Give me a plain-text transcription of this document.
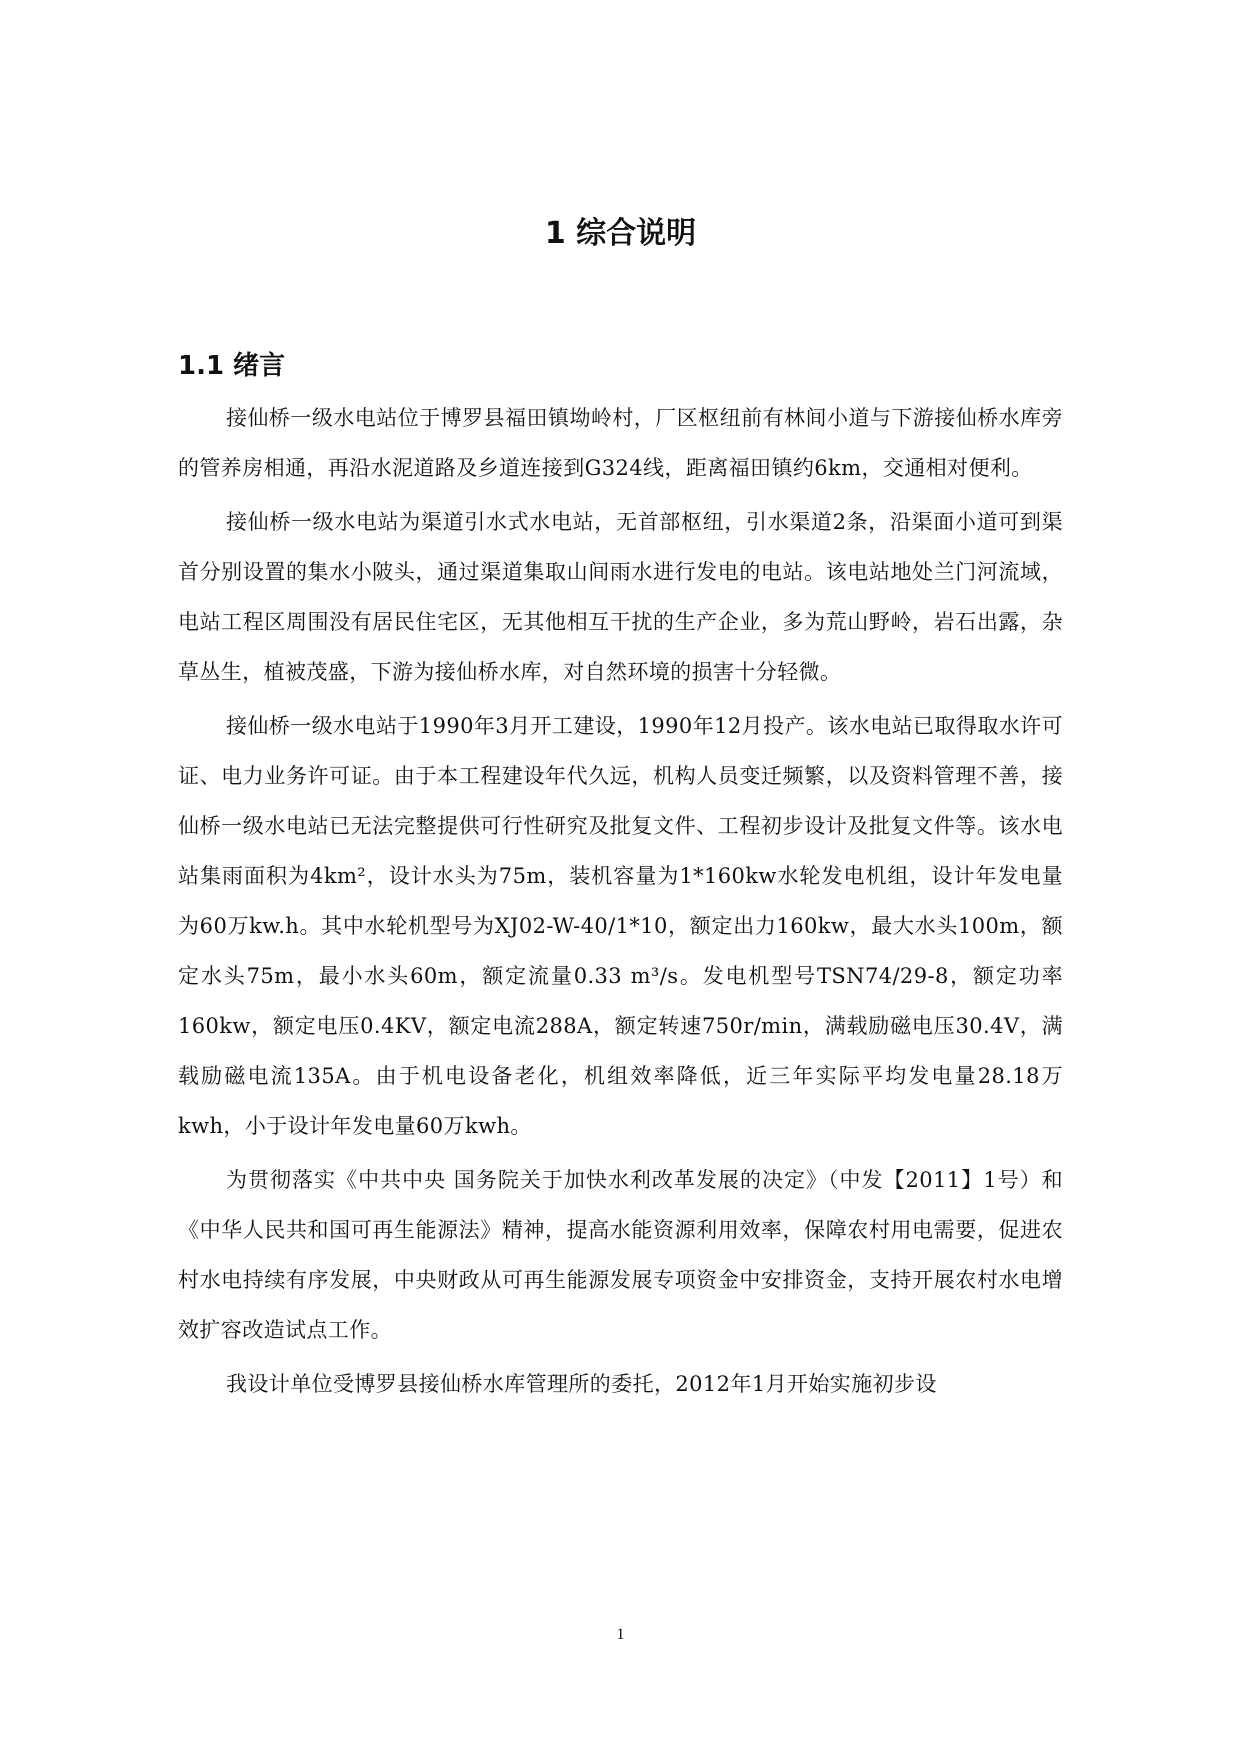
1 综合说明
1.1 绪言

接仙桥一级水电站位于博罗县福田镇坳岭村，厂区枢纽前有林间小道与下游接仙桥水库旁的管养房相通，再沿水泥道路及乡道连接到G324线，距离福田镇约6km，交通相对便利。

接仙桥一级水电站为渠道引水式水电站，无首部枢纽，引水渠道2条，沿渠面小道可到渠首分别设置的集水小陂头，通过渠道集取山间雨水进行发电的电站。该电站地处兰门河流域，电站工程区周围没有居民住宅区，无其他相互干扰的生产企业，多为荒山野岭，岩石出露，杂草丛生，植被茂盛，下游为接仙桥水库，对自然环境的损害十分轻微。

接仙桥一级水电站于1990年3月开工建设，1990年12月投产。该水电站已取得取水许可证、电力业务许可证。由于本工程建设年代久远，机构人员变迁频繁，以及资料管理不善，接仙桥一级水电站已无法完整提供可行性研究及批复文件、工程初步设计及批复文件等。该水电站集雨面积为4km²，设计水头为75m，装机容量为1*160kw水轮发电机组，设计年发电量为60万kw.h。其中水轮机型号为XJ02-W-40/1*10，额定出力160kw，最大水头100m，额定水头75m，最小水头60m，额定流量0.33 m³/s。发电机型号TSN74/29-8，额定功率160kw，额定电压0.4KV，额定电流288A，额定转速750r/min，满载励磁电压30.4V，满载励磁电流135A。由于机电设备老化，机组效率降低，近三年实际平均发电量28.18万kwh，小于设计年发电量60万kwh。

为贯彻落实《中共中央 国务院关于加快水利改革发展的决定》（中发【2011】1号）和《中华人民共和国可再生能源法》精神，提高水能资源利用效率，保障农村用电需要，促进农村水电持续有序发展，中央财政从可再生能源发展专项资金中安排资金，支持开展农村水电增效扩容改造试点工作。

我设计单位受博罗县接仙桥水库管理所的委托，2012年1月开始实施初步设

1
